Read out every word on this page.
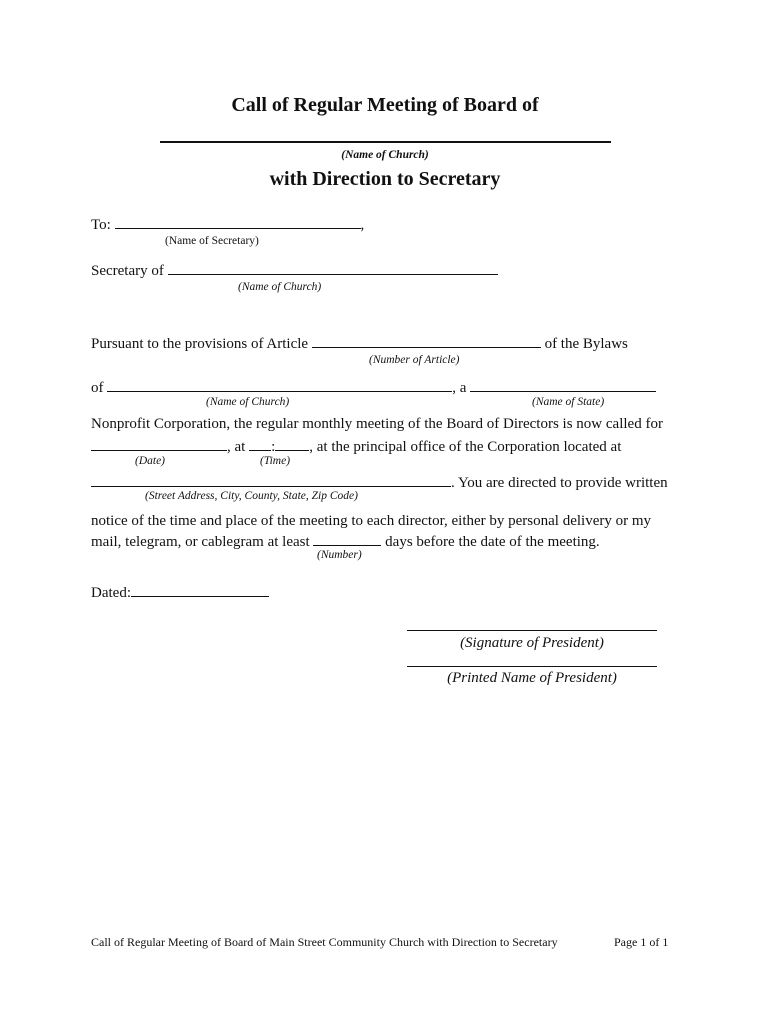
Call of Regular Meeting of Board of
(Name of Church)
with Direction to Secretary
To:	,
(Name of Secretary)
Secretary of
(Name of Church)
Pursuant to the provisions of Article	of the Bylaws
(Number of Article)
of	, a
(Name of Church)	(Name of State)
Nonprofit Corporation, the regular monthly meeting of the Board of Directors is now called for
, at : , at the principal office of the Corporation located at
(Date)	(Time)
. You are directed to provide written
(Street Address, City, County, State, Zip Code)
notice of the time and place of the meeting to each director, either by personal delivery or my
mail, telegram, or cablegram at least	days before the date of the meeting.
(Number)
Dated:
(Signature of President)
(Printed Name of President)
Call of Regular Meeting of Board of Main Street Community Church with Direction to Secretary	Page 1 of 1
